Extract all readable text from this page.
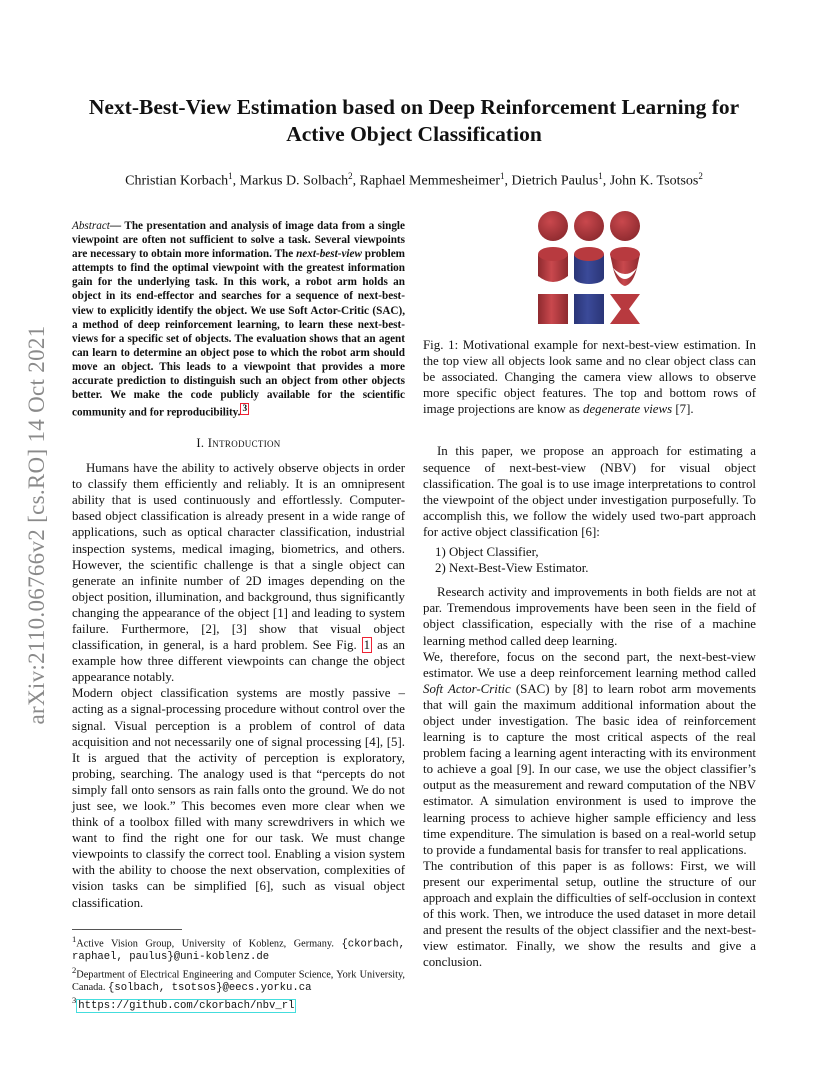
arXiv:2110.06766v2 [cs.RO] 14 Oct 2021
Next-Best-View Estimation based on Deep Reinforcement Learning for Active Object Classification

Christian Korbach$^1$, Markus D. Solbach$^2$, Raphael Memmesheimer$^1$, Dietrich Paulus$^1$, John K. Tsotsos$^2$

Abstract— The presentation and analysis of image data from a single viewpoint are often not sufficient to solve a task. Several viewpoints are necessary to obtain more information. The next-best-view problem attempts to find the optimal viewpoint with the greatest information gain for the underlying task. In this work, a robot arm holds an object in its end-effector and searches for a sequence of next-best-view to explicitly identify the object. We use Soft Actor-Critic (SAC), a method of deep reinforcement learning, to learn these next-best-views for a specific set of objects. The evaluation shows that an agent can learn to determine an object pose to which the robot arm should move an object. This leads to a viewpoint that provides a more accurate prediction to distinguish such an object from other objects better. We make the code publicly available for the scientific community and for reproducibility. $^3$

I. Introduction

Humans have the ability to actively observe objects in order to classify them efficiently and reliably. It is an omnipresent ability that is used continuously and effortlessly. Computer-based object classification is already present in a wide range of applications, such as optical character classification, industrial inspection systems, medical imaging, biometrics, and others. However, the scientific challenge is that a single object can generate an infinite number of 2D images depending on the object position, illumination, and background, thus significantly changing the appearance of the object [1] and leading to system failure. Furthermore, [2], [3] show that visual object classification, in general, is a hard problem. See Fig. 1 as an example how three different viewpoints can change the object appearance notably.

Modern object classification systems are mostly passive – acting as a signal-processing procedure without control over the signal. Visual perception is a problem of control of data acquisition and not necessarily one of signal processing [4], [5]. It is argued that the activity of perception is exploratory, probing, searching. The analogy used is that “percepts do not simply fall onto sensors as rain falls onto the ground. We do not just see, we look.” This becomes even more clear when we think of a toolbox filled with many screwdrivers in which we want to find the right one for our task. We must change viewpoints to classify the correct tool. Enabling a vision system with the ability to choose the next observation, complexities of vision tasks can be simplified [6], such as visual object classification.

$^1$Active Vision Group, University of Koblenz, Germany. {ckorbach, raphael, paulus}@uni-koblenz.de

$^2$Department of Electrical Engineering and Computer Science, York University, Canada. {solbach, tsotsos}@eecs.yorku.ca

$^3$ https://github.com/ckorbach/nbv_rl

Fig. 1: Motivational example for next-best-view estimation. In the top view all objects look same and no clear object class can be associated. Changing the camera view allows to observe more specific object features. The top and bottom rows of image projections are know as degenerate views [7].

In this paper, we propose an approach for estimating a sequence of next-best-view (NBV) for visual object classification. The goal is to use image interpretations to control the viewpoint of the object under investigation purposefully. To accomplish this, we follow the widely used two-part approach for active object classification [6]:

1) Object Classifier,
2) Next-Best-View Estimator.

Research activity and improvements in both fields are not at par. Tremendous improvements have been seen in the field of object classification, especially with the rise of a machine learning method called deep learning.

We, therefore, focus on the second part, the next-best-view estimator. We use a deep reinforcement learning method called Soft Actor-Critic (SAC) by [8] to learn robot arm movements that will gain the maximum additional information about the object under investigation. The basic idea of reinforcement learning is to capture the most critical aspects of the real problem facing a learning agent interacting with its environment to achieve a goal [9]. In our case, we use the object classifier’s output as the measurement and reward computation of the NBV estimator. A simulation environment is used to improve the learning process to achieve higher sample efficiency and less time expenditure. The simulation is based on a real-world setup to provide a fundamental basis for transfer to real applications.

The contribution of this paper is as follows: First, we will present our experimental setup, outline the structure of our approach and explain the difficulties of self-occlusion in context of this work. Then, we introduce the used dataset in more detail and present the results of the object classifier and the next-best-view estimator. Finally, we show the results and give a conclusion.
